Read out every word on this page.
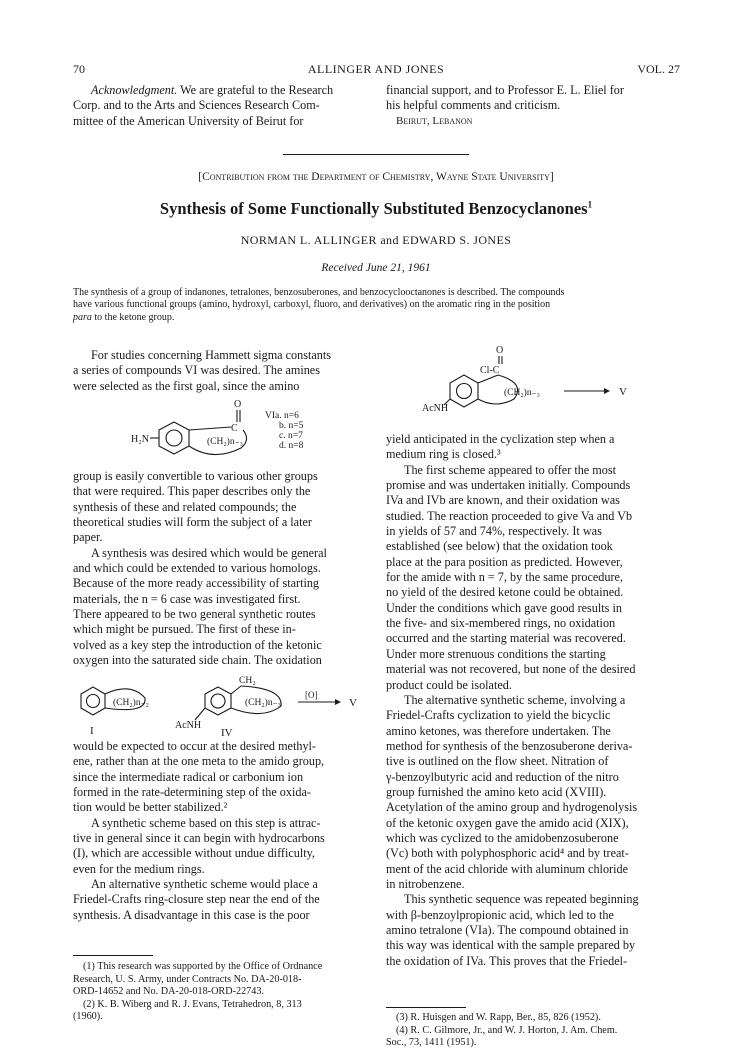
70	ALLINGER AND JONES	VOL. 27

Acknowledgment. We are grateful to the Research

Corp. and to the Arts and Sciences Research Com-

mittee of the American University of Beirut for

financial support, and to Professor E. L. Eliel for

his helpful comments and criticism.

Beirut, Lebanon

[Contribution from the Department of Chemistry, Wayne State University]
Synthesis of Some Functionally Substituted Benzocyclanones$^1$
NORMAN L. ALLINGER and EDWARD S. JONES
Received June 21, 1961
The synthesis of a group of indanones, tetralones, benzosuberones, and benzocyclooctanones is described. The compounds
have various functional groups (amino, hydroxyl, carboxyl, fluoro, and derivatives) on the aromatic ring in the position
para to the ketone group.

For studies concerning Hammett sigma constants

a series of compounds VI was desired. The amines

were selected as the first goal, since the amino

O
C
(CH₂)n₋₃
H₂N
VIa. n=6
b. n=5
c. n=7
d. n=8

group is easily convertible to various other groups

that were required. This paper describes only the

synthesis of these and related compounds; the

theoretical studies will form the subject of a later

paper.

A synthesis was desired which would be general

and which could be extended to various homologs.

Because of the more ready accessibility of starting

materials, the n = 6 case was investigated first.

There appeared to be two general synthetic routes

which might be pursued. The first of these in-

volved as a key step the introduction of the ketonic

oxygen into the saturated side chain. The oxidation

(CH₂)n₋₂
I
CH₂
(CH₂)n₋₃
AcNH
IV
[O]
V

would be expected to occur at the desired methyl-

ene, rather than at the one meta to the amido group,

since the intermediate radical or carbonium ion

formed in the rate-determining step of the oxida-

tion would be better stabilized.²

A synthetic scheme based on this step is attrac-

tive in general since it can begin with hydrocarbons

(I), which are accessible without undue difficulty,

even for the medium rings.

An alternative synthetic scheme would place a

Friedel-Crafts ring-closure step near the end of the

synthesis. A disadvantage in this case is the poor

(1) This research was supported by the Office of Ordnance

Research, U. S. Army, under Contracts No. DA-20-018-

ORD-14652 and No. DA-20-018-ORD-22743.

(2) K. B. Wiberg and R. J. Evans, Tetrahedron, 8, 313

(1960).

O
Cl-C
(CH₂)n₋₃
AcNH
V

yield anticipated in the cyclization step when a

medium ring is closed.³

The first scheme appeared to offer the most

promise and was undertaken initially. Compounds

IVa and IVb are known, and their oxidation was

studied. The reaction proceeded to give Va and Vb

in yields of 57 and 74%, respectively. It was

established (see below) that the oxidation took

place at the para position as predicted. However,

for the amide with n = 7, by the same procedure,

no yield of the desired ketone could be obtained.

Under the conditions which gave good results in

the five- and six-membered rings, no oxidation

occurred and the starting material was recovered.

Under more strenuous conditions the starting

material was not recovered, but none of the desired

product could be isolated.

The alternative synthetic scheme, involving a

Friedel-Crafts cyclization to yield the bicyclic

amino ketones, was therefore undertaken. The

method for synthesis of the benzosuberone deriva-

tive is outlined on the flow sheet. Nitration of

γ-benzoylbutyric acid and reduction of the nitro

group furnished the amino keto acid (XVIII).

Acetylation of the amino group and hydrogenolysis

of the ketonic oxygen gave the amido acid (XIX),

which was cyclized to the amidobenzosuberone

(Vc) both with polyphosphoric acid⁴ and by treat-

ment of the acid chloride with aluminum chloride

in nitrobenzene.

This synthetic sequence was repeated beginning

with β-benzoylpropionic acid, which led to the

amino tetralone (VIa). The compound obtained in

this way was identical with the sample prepared by

the oxidation of IVa. This proves that the Friedel-

(3) R. Huisgen and W. Rapp, Ber., 85, 826 (1952).

(4) R. C. Gilmore, Jr., and W. J. Horton, J. Am. Chem.

Soc., 73, 1411 (1951).
